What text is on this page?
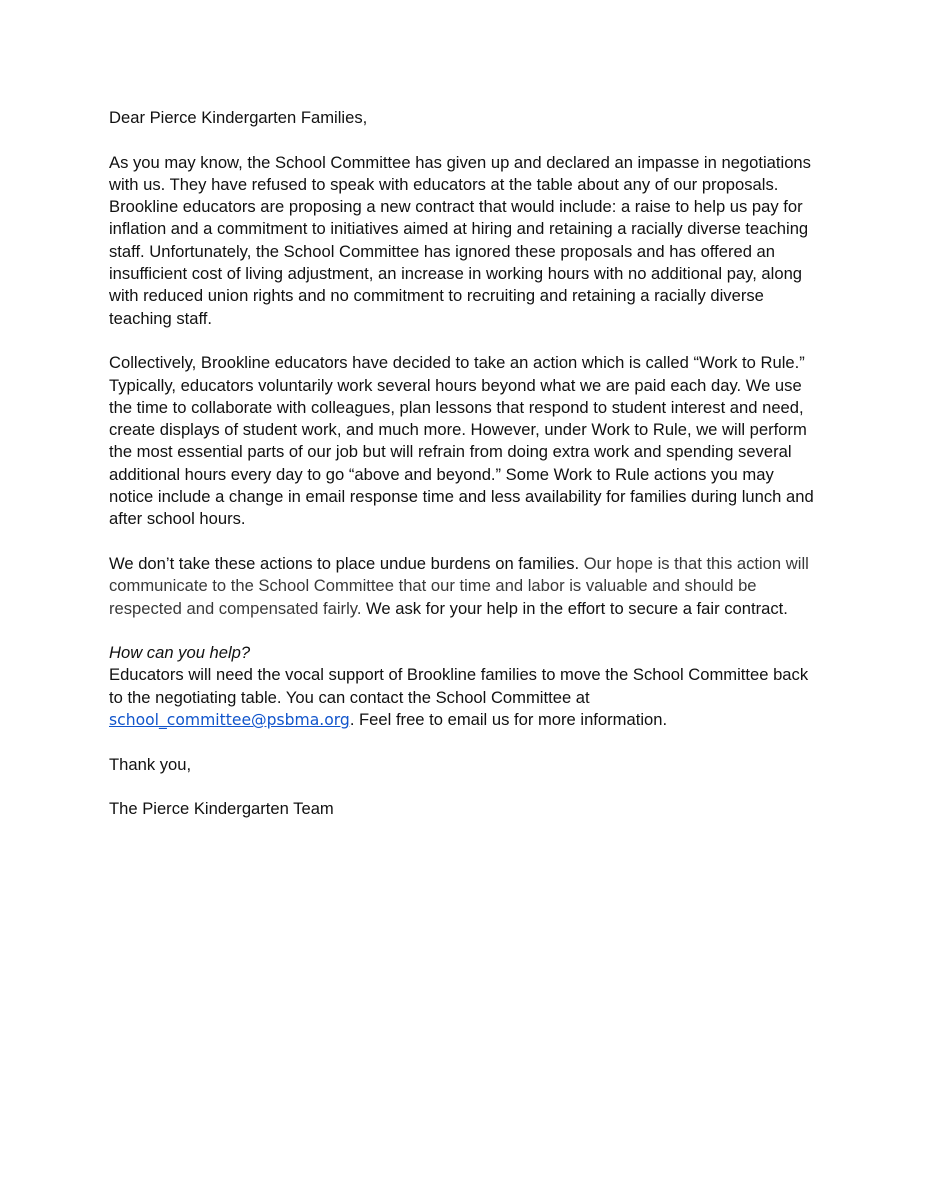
Dear Pierce Kindergarten Families,

As you may know, the School Committee has given up and declared an impasse in negotiations with us. They have refused to speak with educators at the table about any of our proposals. Brookline educators are proposing a new contract that would include: a raise to help us pay for inflation and a commitment to initiatives aimed at hiring and retaining a racially diverse teaching staff. Unfortunately, the School Committee has ignored these proposals and has offered an insufficient cost of living adjustment, an increase in working hours with no additional pay, along with reduced union rights and no commitment to recruiting and retaining a racially diverse teaching staff.

Collectively, Brookline educators have decided to take an action which is called “Work to Rule.” Typically, educators voluntarily work several hours beyond what we are paid each day. We use the time to collaborate with colleagues, plan lessons that respond to student interest and need, create displays of student work, and much more. However, under Work to Rule, we will perform the most essential parts of our job but will refrain from doing extra work and spending several additional hours every day to go “above and beyond.” Some Work to Rule actions you may notice include a change in email response time and less availability for families during lunch and after school hours.

We don’t take these actions to place undue burdens on families. Our hope is that this action will communicate to the School Committee that our time and labor is valuable and should be respected and compensated fairly. We ask for your help in the effort to secure a fair contract.

How can you help?
Educators will need the vocal support of Brookline families to move the School Committee back to the negotiating table. You can contact the School Committee at
school_committee@psbma.org. Feel free to email us for more information.

Thank you,

The Pierce Kindergarten Team
